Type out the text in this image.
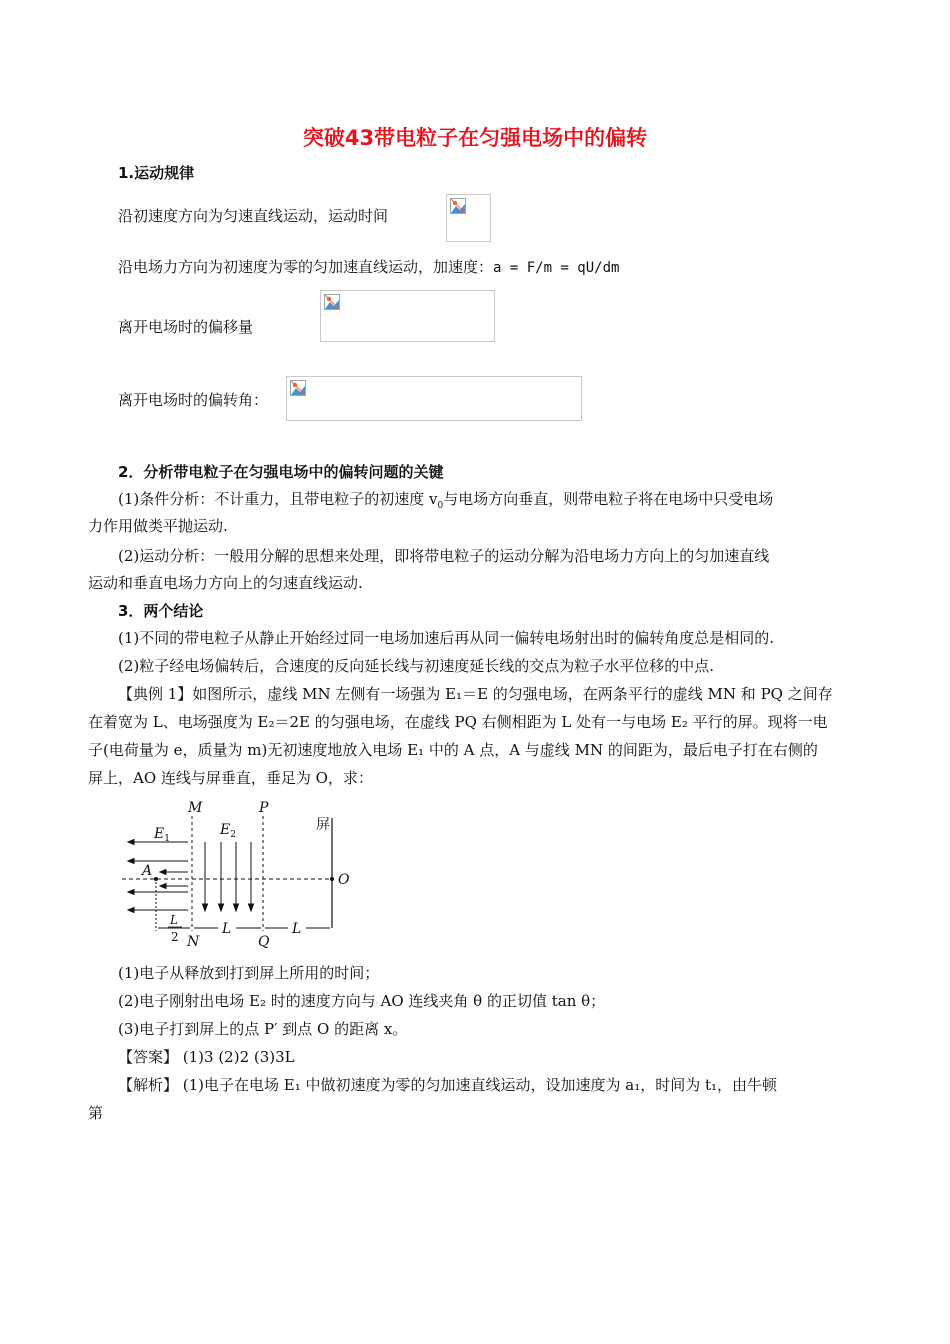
突破43带电粒子在匀强电场中的偏转
1.运动规律
沿初速度方向为匀速直线运动，运动时间
沿电场力方向为初速度为零的匀加速直线运动，加速度：a = F/m = qU/dm
离开电场时的偏移量
离开电场时的偏转角：
2．分析带电粒子在匀强电场中的偏转问题的关键
(1)条件分析：不计重力，且带电粒子的初速度 $v_0$与电场方向垂直，则带电粒子将在电场中只受电场
力作用做类平抛运动.
(2)运动分析：一般用分解的思想来处理，即将带电粒子的运动分解为沿电场力方向上的匀加速直线
运动和垂直电场力方向上的匀速直线运动.
3．两个结论
(1)不同的带电粒子从静止开始经过同一电场加速后再从同一偏转电场射出时的偏转角度总是相同的.
(2)粒子经电场偏转后，合速度的反向延长线与初速度延长线的交点为粒子水平位移的中点.
【典例 1】如图所示，虚线 MN 左侧有一场强为 E₁＝E 的匀强电场，在两条平行的虚线 MN 和 PQ 之间存
在着宽为 L、电场强度为 E₂＝2E 的匀强电场，在虚线 PQ 右侧相距为 L 处有一与电场 E₂ 平行的屏。现将一电
子(电荷量为 e，质量为 m)无初速度地放入电场 E₁ 中的 A 点，A 与虚线 MN 的间距为，最后电子打在右侧的
屏上，AO 连线与屏垂直，垂足为 O，求：
M	P
屏
$E_1$
$E_2$
A
O
N	Q
L	L
L
2
(1)电子从释放到打到屏上所用的时间；
(2)电子刚射出电场 E₂ 时的速度方向与 AO 连线夹角 θ 的正切值 tan θ；
(3)电子打到屏上的点 P′ 到点 O 的距离 x。
【答案】 (1)3 (2)2 (3)3L
【解析】 (1)电子在电场 E₁ 中做初速度为零的匀加速直线运动，设加速度为 a₁，时间为 t₁，由牛顿
第
